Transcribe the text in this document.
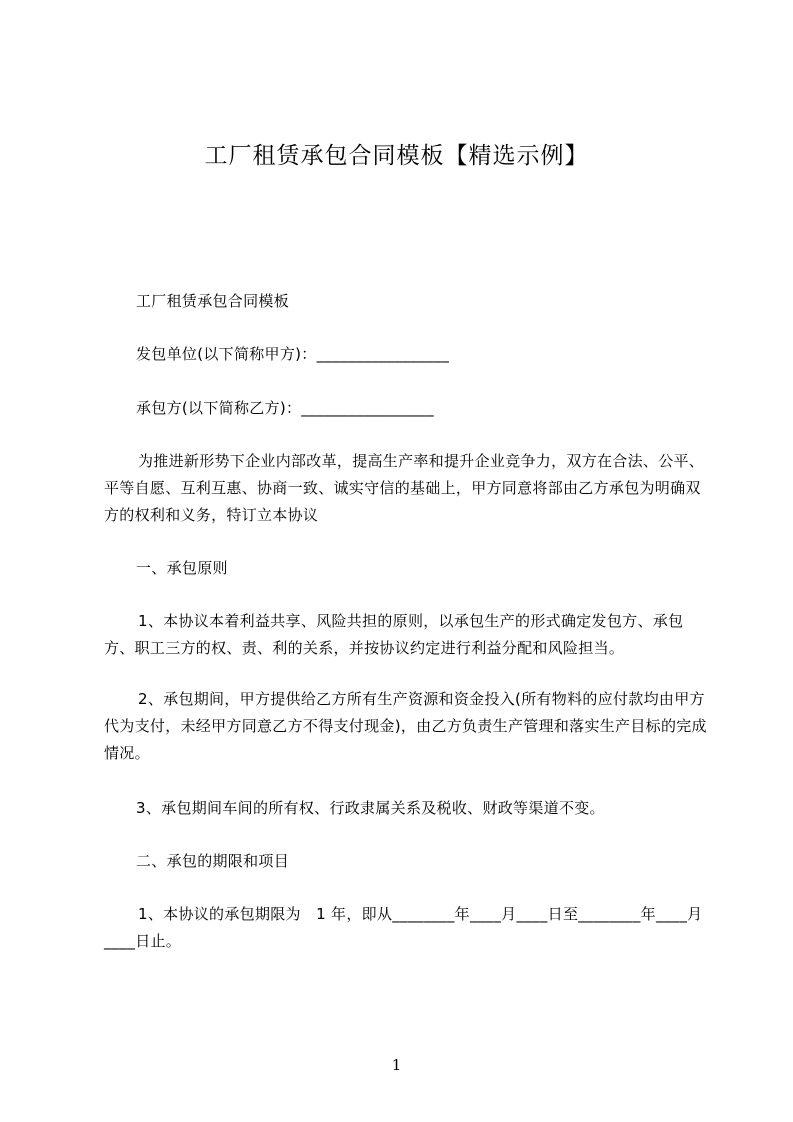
工厂租赁承包合同模板【精选示例】

工厂租赁承包合同模板

发包单位(以下简称甲方)：_________________

承包方(以下简称乙方)：_________________

为推进新形势下企业内部改革，提高生产率和提升企业竞争力，双方在合法、公平、平等自愿、互利互惠、协商一致、诚实守信的基础上，甲方同意将部由乙方承包为明确双方的权利和义务，特订立本协议

一、承包原则

1、本协议本着利益共享、风险共担的原则，以承包生产的形式确定发包方、承包方、职工三方的权、责、利的关系，并按协议约定进行利益分配和风险担当。

2、承包期间，甲方提供给乙方所有生产资源和资金投入(所有物料的应付款均由甲方代为支付，未经甲方同意乙方不得支付现金)，由乙方负责生产管理和落实生产目标的完成情况。

3、承包期间车间的所有权、行政隶属关系及税收、财政等渠道不变。

二、承包的期限和项目

1、本协议的承包期限为　1 年，即从________年____月____日至________年____月____日止。

1
